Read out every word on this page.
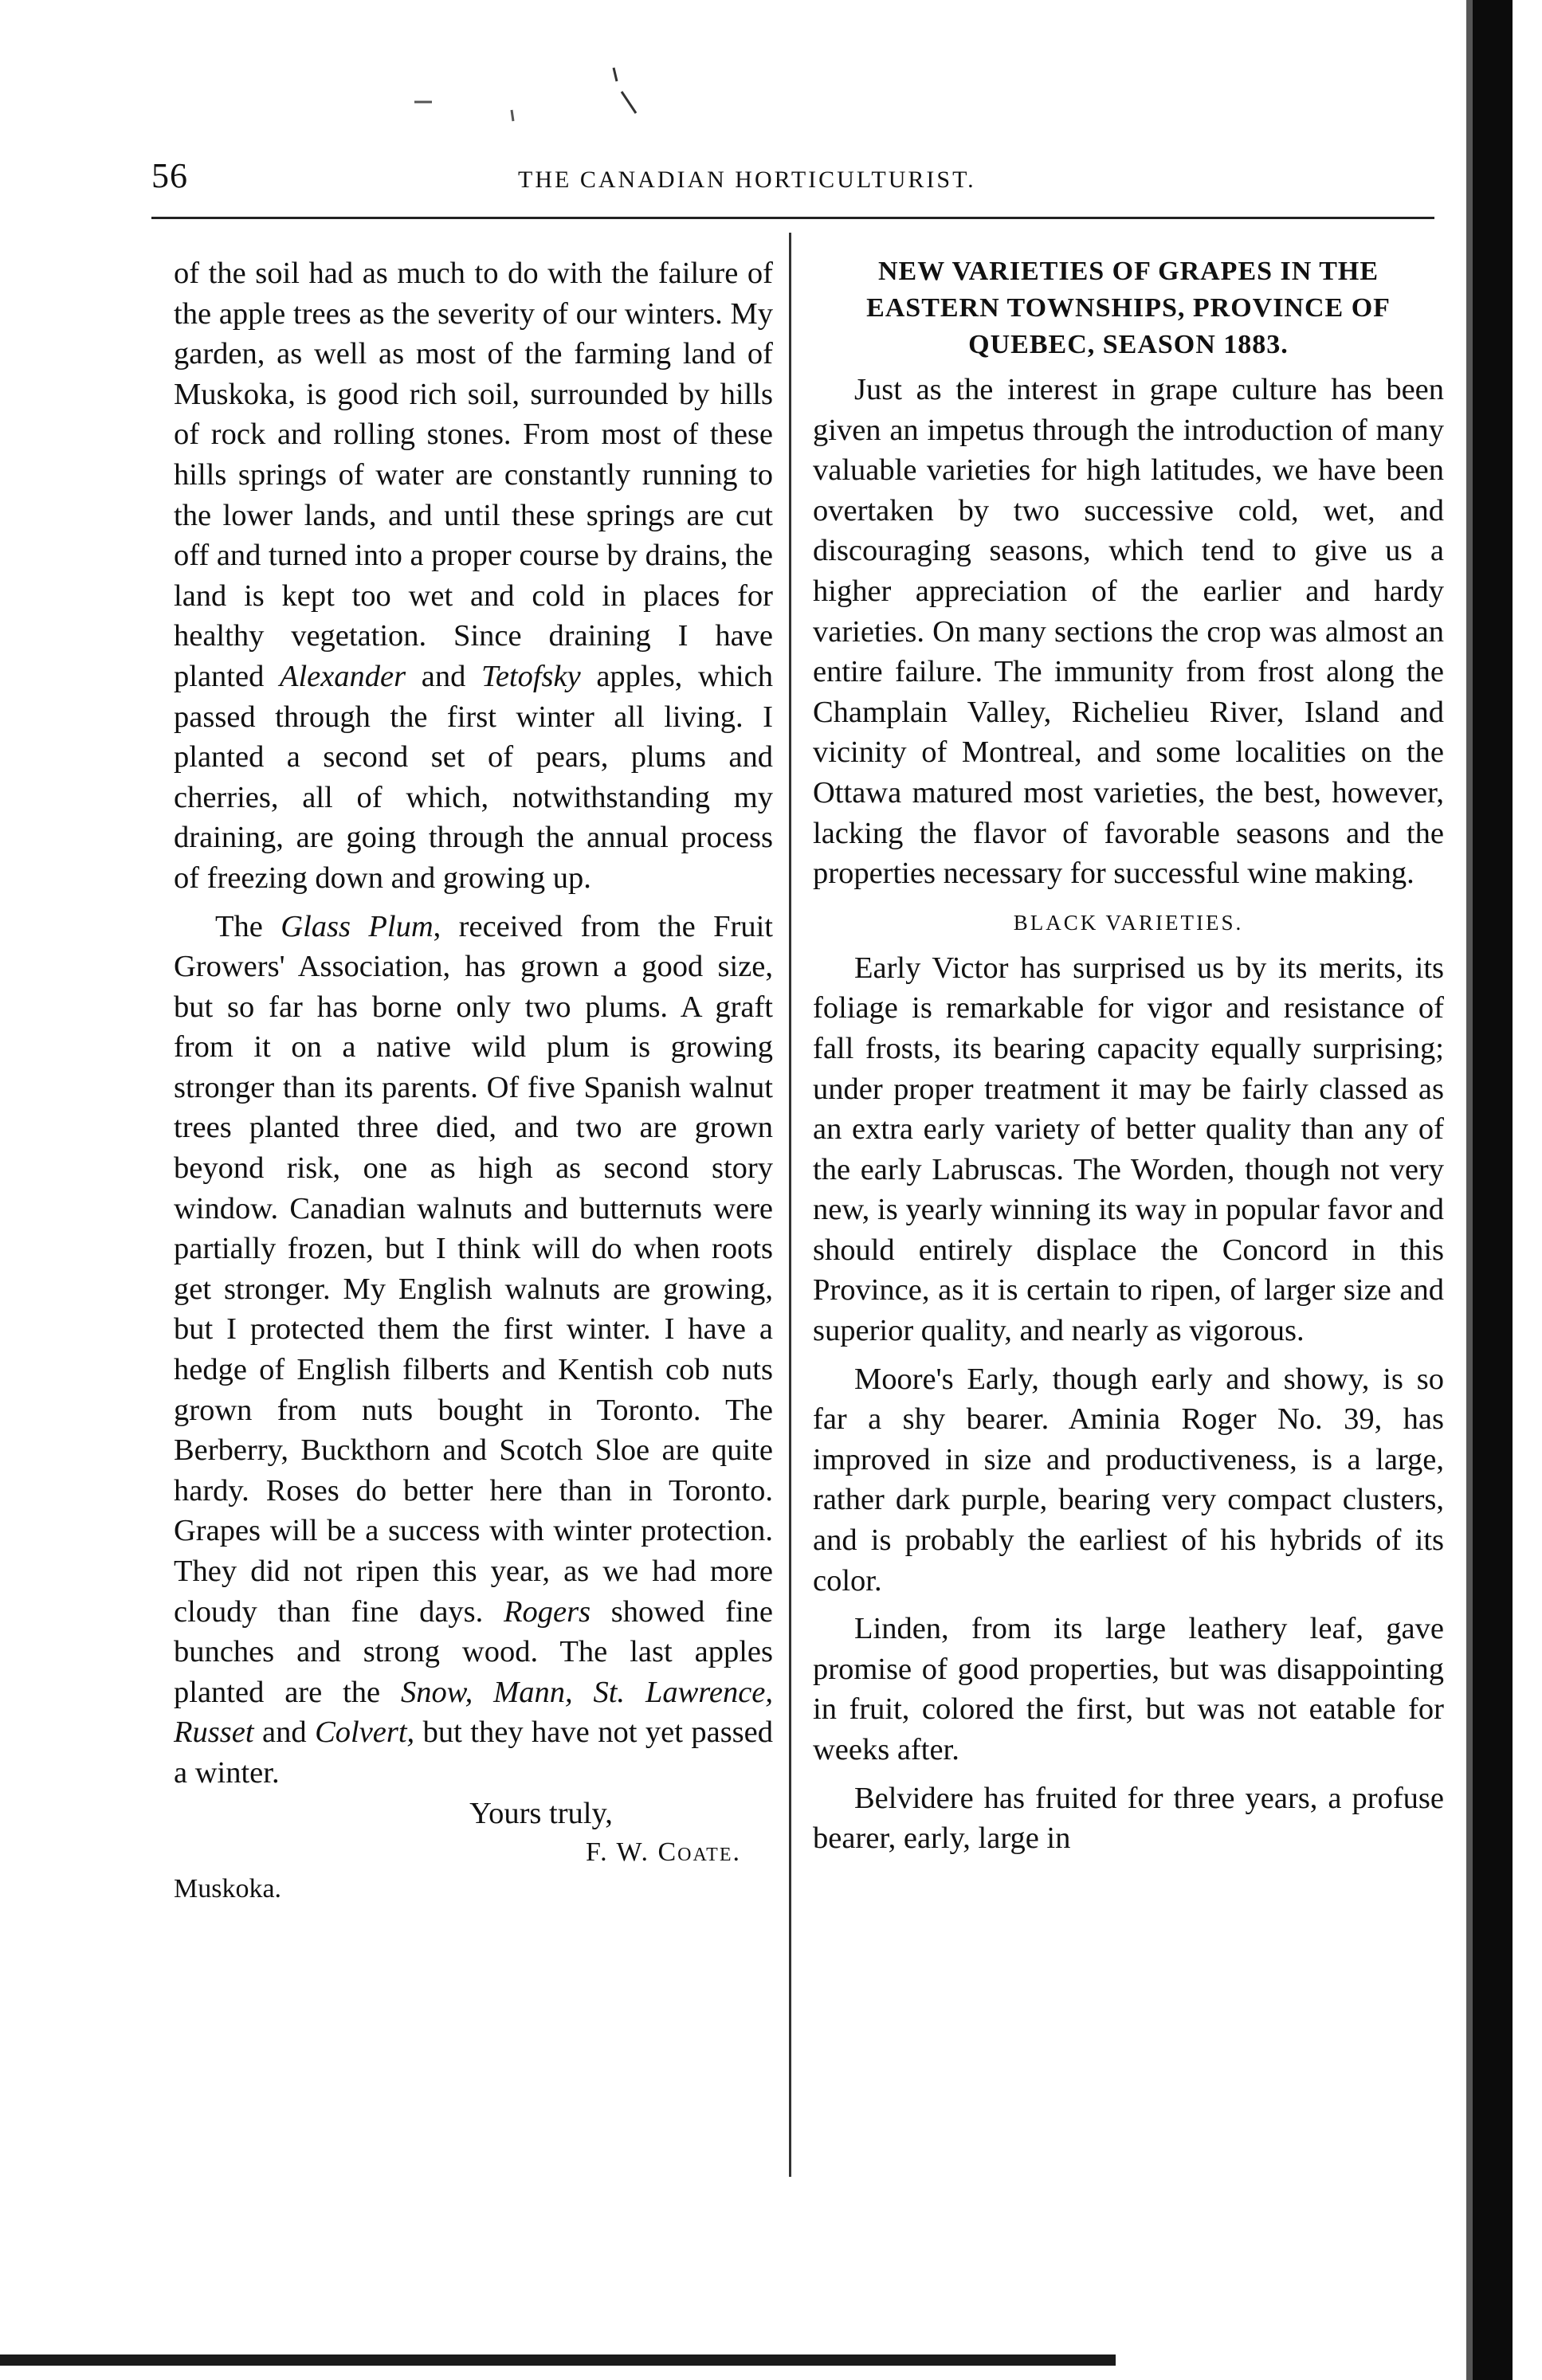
56	THE CANADIAN HORTICULTURIST.

of the soil had as much to do with the failure of the apple trees as the severity of our winters. My garden, as well as most of the farming land of Muskoka, is good rich soil, surrounded by hills of rock and rolling stones. From most of these hills springs of water are constantly running to the lower lands, and until these springs are cut off and turned into a proper course by drains, the land is kept too wet and cold in places for healthy vegetation. Since draining I have planted Alexander and Tetofsky apples, which passed through the first winter all living. I planted a second set of pears, plums and cherries, all of which, notwithstanding my draining, are going through the annual process of freezing down and growing up.

The Glass Plum, received from the Fruit Growers' Association, has grown a good size, but so far has borne only two plums. A graft from it on a native wild plum is growing stronger than its parents. Of five Spanish walnut trees planted three died, and two are grown beyond risk, one as high as second story window. Canadian walnuts and butternuts were partially frozen, but I think will do when roots get stronger. My English walnuts are growing, but I protected them the first winter. I have a hedge of English filberts and Kentish cob nuts grown from nuts bought in Toronto. The Berberry, Buckthorn and Scotch Sloe are quite hardy. Roses do better here than in Toronto. Grapes will be a success with winter protection. They did not ripen this year, as we had more cloudy than fine days. Rogers showed fine bunches and strong wood. The last apples planted are the Snow, Mann, St. Lawrence, Russet and Colvert, but they have not yet passed a winter.

Yours truly,

F. W. Coate.

Muskoka.

NEW VARIETIES OF GRAPES IN THE EASTERN TOWNSHIPS, PROVINCE OF QUEBEC, SEASON 1883.

Just as the interest in grape culture has been given an impetus through the introduction of many valuable varieties for high latitudes, we have been overtaken by two successive cold, wet, and discouraging seasons, which tend to give us a higher appreciation of the earlier and hardy varieties. On many sections the crop was almost an entire failure. The immunity from frost along the Champlain Valley, Richelieu River, Island and vicinity of Montreal, and some localities on the Ottawa matured most varieties, the best, however, lacking the flavor of favorable seasons and the properties necessary for successful wine making.

BLACK VARIETIES.

Early Victor has surprised us by its merits, its foliage is remarkable for vigor and resistance of fall frosts, its bearing capacity equally surprising; under proper treatment it may be fairly classed as an extra early variety of better quality than any of the early Labruscas. The Worden, though not very new, is yearly winning its way in popular favor and should entirely displace the Concord in this Province, as it is certain to ripen, of larger size and superior quality, and nearly as vigorous.

Moore's Early, though early and showy, is so far a shy bearer. Aminia Roger No. 39, has improved in size and productiveness, is a large, rather dark purple, bearing very compact clusters, and is probably the earliest of his hybrids of its color.

Linden, from its large leathery leaf, gave promise of good properties, but was disappointing in fruit, colored the first, but was not eatable for weeks after.

Belvidere has fruited for three years, a profuse bearer, early, large in
